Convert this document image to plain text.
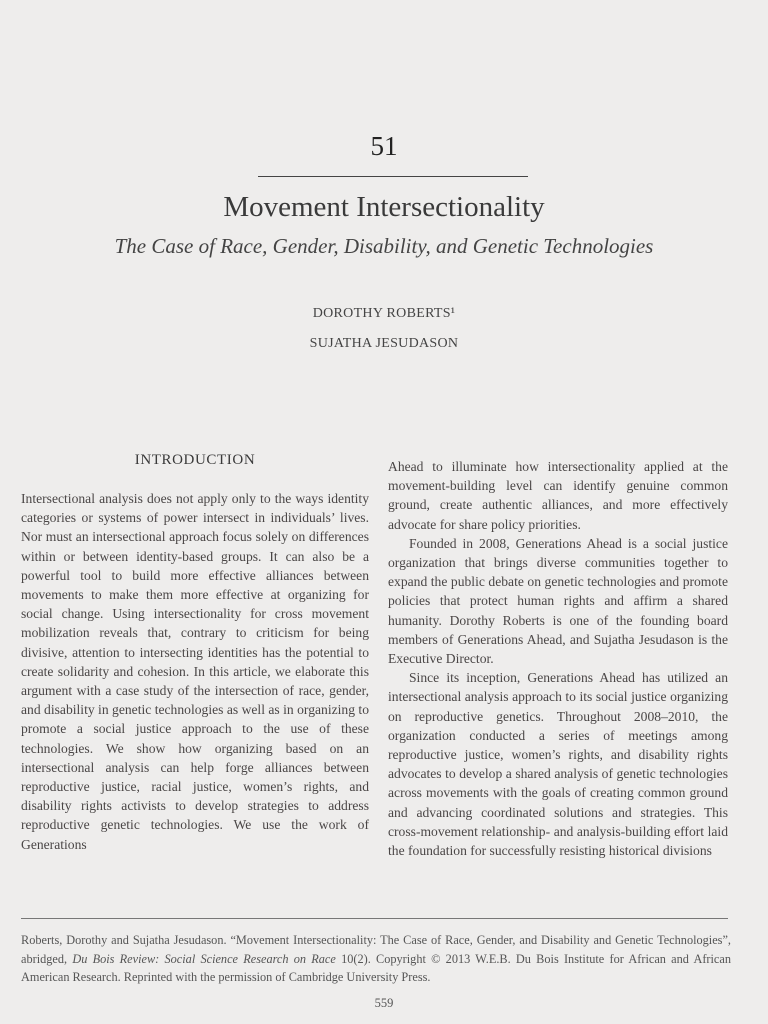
51
Movement Intersectionality
The Case of Race, Gender, Disability, and Genetic Technologies
DOROTHY ROBERTS¹
SUJATHA JESUDASON
INTRODUCTION

Intersectional analysis does not apply only to the ways identity categories or systems of power intersect in individuals’ lives. Nor must an intersectional approach focus solely on differences within or between identity-based groups. It can also be a powerful tool to build more effective alliances between movements to make them more effective at organizing for social change. Using intersectionality for cross movement mobilization reveals that, contrary to criticism for being divisive, attention to intersecting identities has the potential to create solidarity and cohesion. In this article, we elaborate this argument with a case study of the intersection of race, gender, and disability in genetic technologies as well as in organizing to promote a social justice approach to the use of these technologies. We show how organizing based on an intersectional analysis can help forge alliances between reproductive justice, racial justice, women’s rights, and disability rights activists to develop strategies to address reproductive genetic technologies. We use the work of Generations

Ahead to illuminate how intersectionality applied at the movement-building level can identify genuine common ground, create authentic alliances, and more effectively advocate for share policy priorities.

Founded in 2008, Generations Ahead is a social justice organization that brings diverse communities together to expand the public debate on genetic technologies and promote policies that protect human rights and affirm a shared humanity. Dorothy Roberts is one of the founding board members of Generations Ahead, and Sujatha Jesudason is the Executive Director.

Since its inception, Generations Ahead has utilized an intersectional analysis approach to its social justice organizing on reproductive genetics. Throughout 2008–2010, the organization conducted a series of meetings among reproductive justice, women’s rights, and disability rights advocates to develop a shared analysis of genetic technologies across movements with the goals of creating common ground and advancing coordinated solutions and strategies. This cross-movement relationship- and analysis-building effort laid the foundation for successfully resisting historical divisions

Roberts, Dorothy and Sujatha Jesudason. “Movement Intersectionality: The Case of Race, Gender, and Disability and Genetic Technologies”, abridged, Du Bois Review: Social Science Research on Race 10(2). Copyright © 2013 W.E.B. Du Bois Institute for African and African American Research. Reprinted with the permission of Cambridge University Press.
559
